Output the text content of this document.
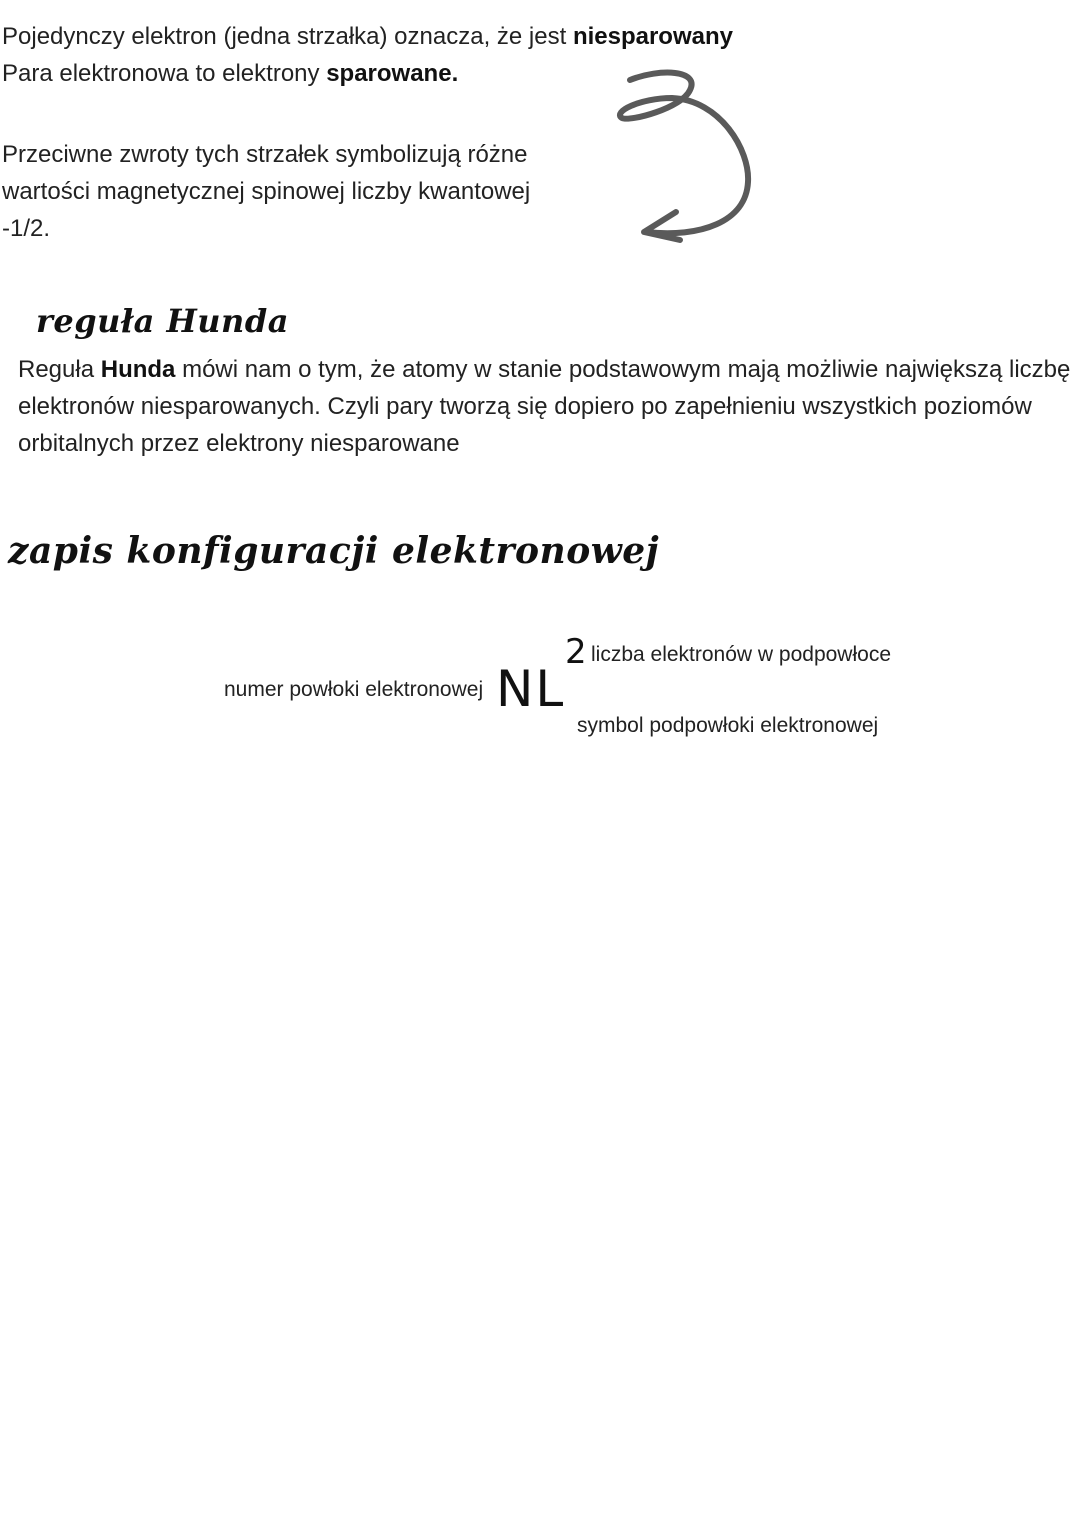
Pojedynczy elektron (jedna strzałka) oznacza, że jest niesparowany
Para elektronowa to elektrony sparowane.
Przeciwne zwroty tych strzałek symbolizują różne
wartości magnetycznej spinowej liczby kwantowej
-1/2.
reguła Hunda
Reguła Hunda mówi nam o tym, że atomy w stanie podstawowym mają możliwie największą liczbę
elektronów niesparowanych. Czyli pary tworzą się dopiero po zapełnieniu wszystkich poziomów
orbitalnych przez elektrony niesparowane
zapis konfiguracji elektronowej
numer powłoki elektronowej NL
2 liczba elektronów w podpowłoce
symbol podpowłoki elektronowej
